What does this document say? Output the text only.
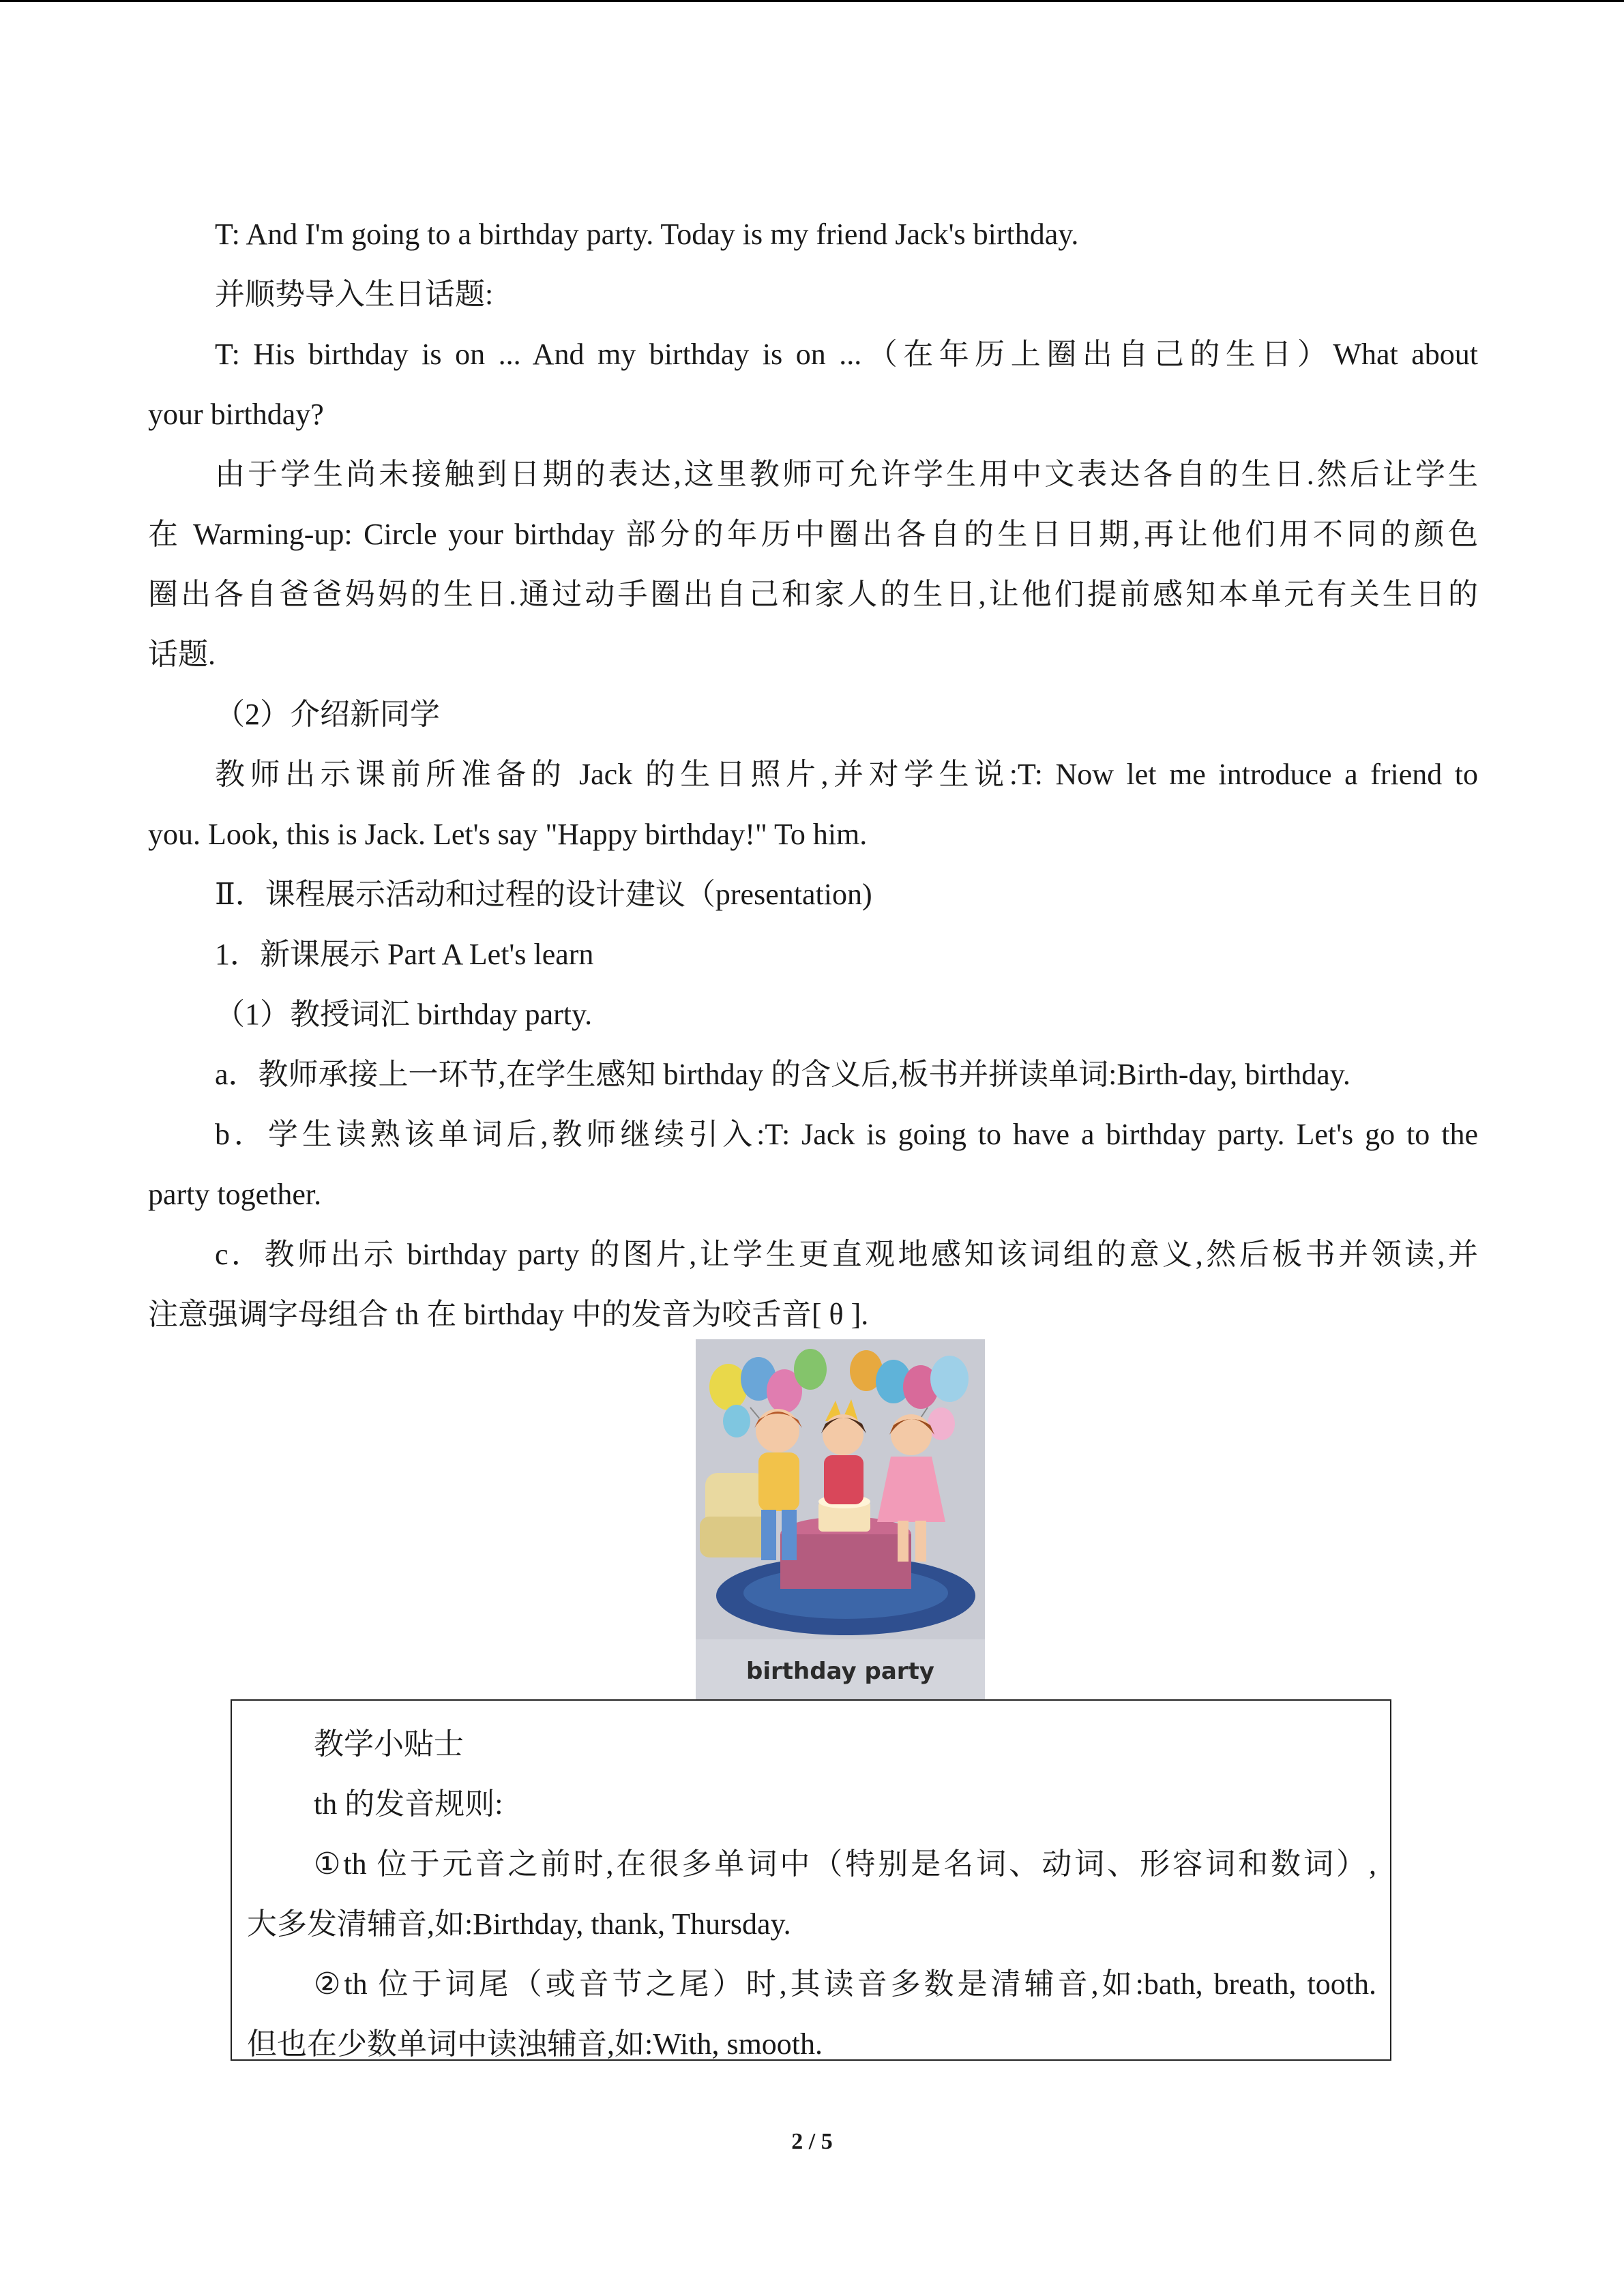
T: And I'm going to a birthday party. Today is my friend Jack's birthday.

并顺势导入生日话题:

T: His birthday is on ... And my birthday is on ...（在年历上圈出自己的生日）What about

your birthday?

由于学生尚未接触到日期的表达,这里教师可允许学生用中文表达各自的生日.然后让学生

在 Warming-up: Circle your birthday 部分的年历中圈出各自的生日日期,再让他们用不同的颜色

圈出各自爸爸妈妈的生日.通过动手圈出自己和家人的生日,让他们提前感知本单元有关生日的

话题.

（2）介绍新同学

教师出示课前所准备的 Jack 的生日照片,并对学生说:T: Now let me introduce a friend to

you. Look, this is Jack. Let's say "Happy birthday!" To him.

Ⅱ．课程展示活动和过程的设计建议（presentation)

1．新课展示 Part A Let's learn

（1）教授词汇 birthday party.

a．教师承接上一环节,在学生感知 birthday 的含义后,板书并拼读单词:Birth-day, birthday.

b．学生读熟该单词后,教师继续引入:T: Jack is going to have a birthday party. Let's go to the

party together.

c．教师出示 birthday party 的图片,让学生更直观地感知该词组的意义,然后板书并领读,并

注意强调字母组合 th 在 birthday 中的发音为咬舌音[ θ ].

birthday party

教学小贴士

th 的发音规则:

①th 位于元音之前时,在很多单词中（特别是名词、动词、形容词和数词）,

大多发清辅音,如:Birthday, thank, Thursday.

②th 位于词尾（或音节之尾）时,其读音多数是清辅音,如:bath, breath, tooth.

但也在少数单词中读浊辅音,如:With, smooth.

2 / 5
